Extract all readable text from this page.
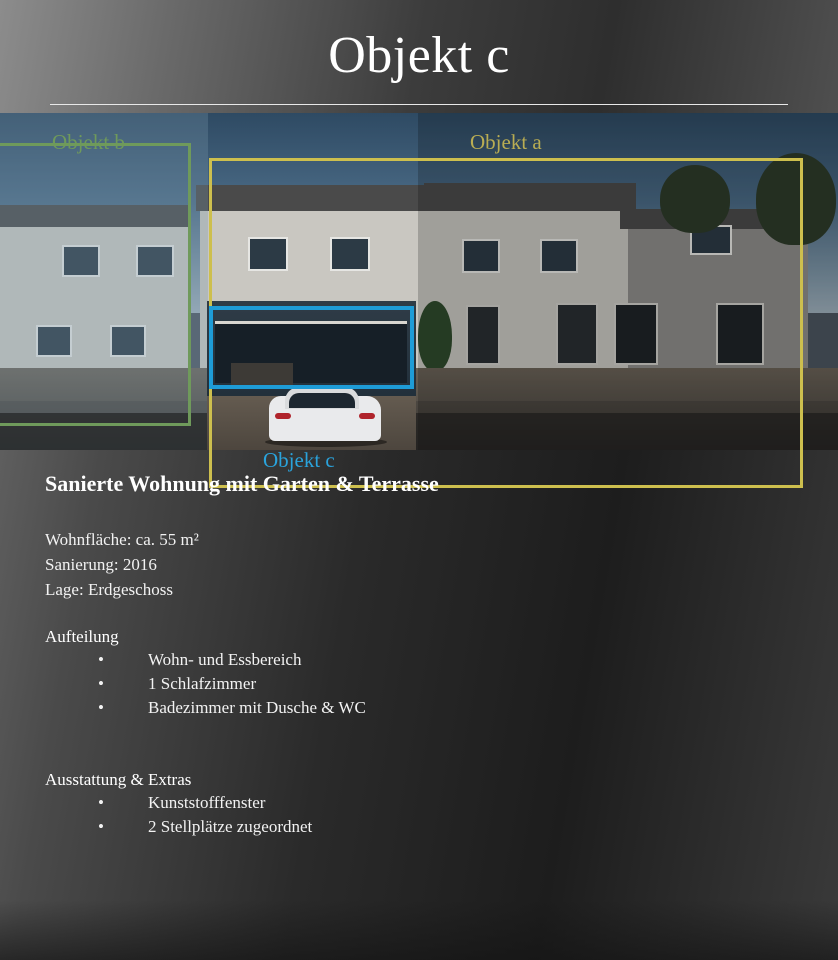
Objekt c
Objekt b	Objekt a
Objekt c
Sanierte Wohnung mit Garten & Terrasse
Wohnfläche: ca. 55 m²
Sanierung: 2016
Lage: Erdgeschoss
Aufteilung
•	Wohn- und Essbereich
•	1 Schlafzimmer
•	Badezimmer mit Dusche & WC
Ausstattung & Extras
•	Kunststofffenster
•	2 Stellplätze zugeordnet
